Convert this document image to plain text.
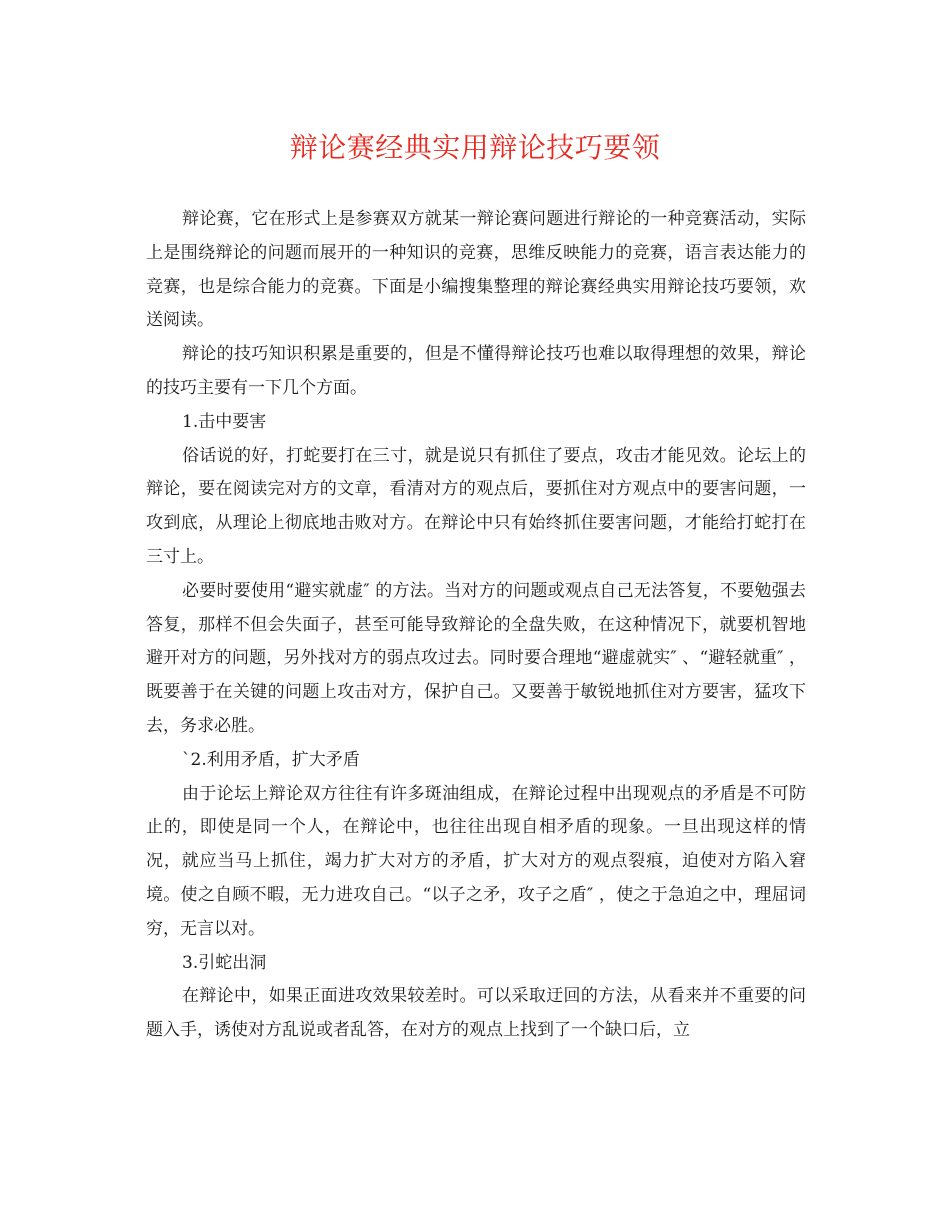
辩论赛经典实用辩论技巧要领

辩论赛，它在形式上是参赛双方就某一辩论赛问题进行辩论的一种竞赛活动，实际上是围绕辩论的问题而展开的一种知识的竞赛，思维反映能力的竞赛，语言表达能力的竞赛，也是综合能力的竞赛。下面是小编搜集整理的辩论赛经典实用辩论技巧要领，欢送阅读。

辩论的技巧知识积累是重要的，但是不懂得辩论技巧也难以取得理想的效果，辩论的技巧主要有一下几个方面。

1.击中要害

俗话说的好，打蛇要打在三寸，就是说只有抓住了要点，攻击才能见效。论坛上的辩论，要在阅读完对方的文章，看清对方的观点后，要抓住对方观点中的要害问题，一攻到底，从理论上彻底地击败对方。在辩论中只有始终抓住要害问题，才能给打蛇打在三寸上。

必要时要使用“避实就虚″ 的方法。当对方的问题或观点自己无法答复，不要勉强去答复，那样不但会失面子，甚至可能导致辩论的全盘失败，在这种情况下，就要机智地避开对方的问题，另外找对方的弱点攻过去。同时要合理地“避虚就实″ 、“避轻就重″ ，既要善于在关键的问题上攻击对方，保护自己。又要善于敏锐地抓住对方要害，猛攻下去，务求必胜。

`2.利用矛盾，扩大矛盾

由于论坛上辩论双方往往有许多斑油组成，在辩论过程中出现观点的矛盾是不可防止的，即使是同一个人，在辩论中，也往往出现自相矛盾的现象。一旦出现这样的情况，就应当马上抓住，竭力扩大对方的矛盾，扩大对方的观点裂痕，迫使对方陷入窘境。使之自顾不暇，无力进攻自己。“以子之矛，攻子之盾″ ，使之于急迫之中，理屈词穷，无言以对。

3.引蛇出洞

在辩论中，如果正面进攻效果较差时。可以采取迂回的方法，从看来并不重要的问题入手，诱使对方乱说或者乱答，在对方的观点上找到了一个缺口后，立
